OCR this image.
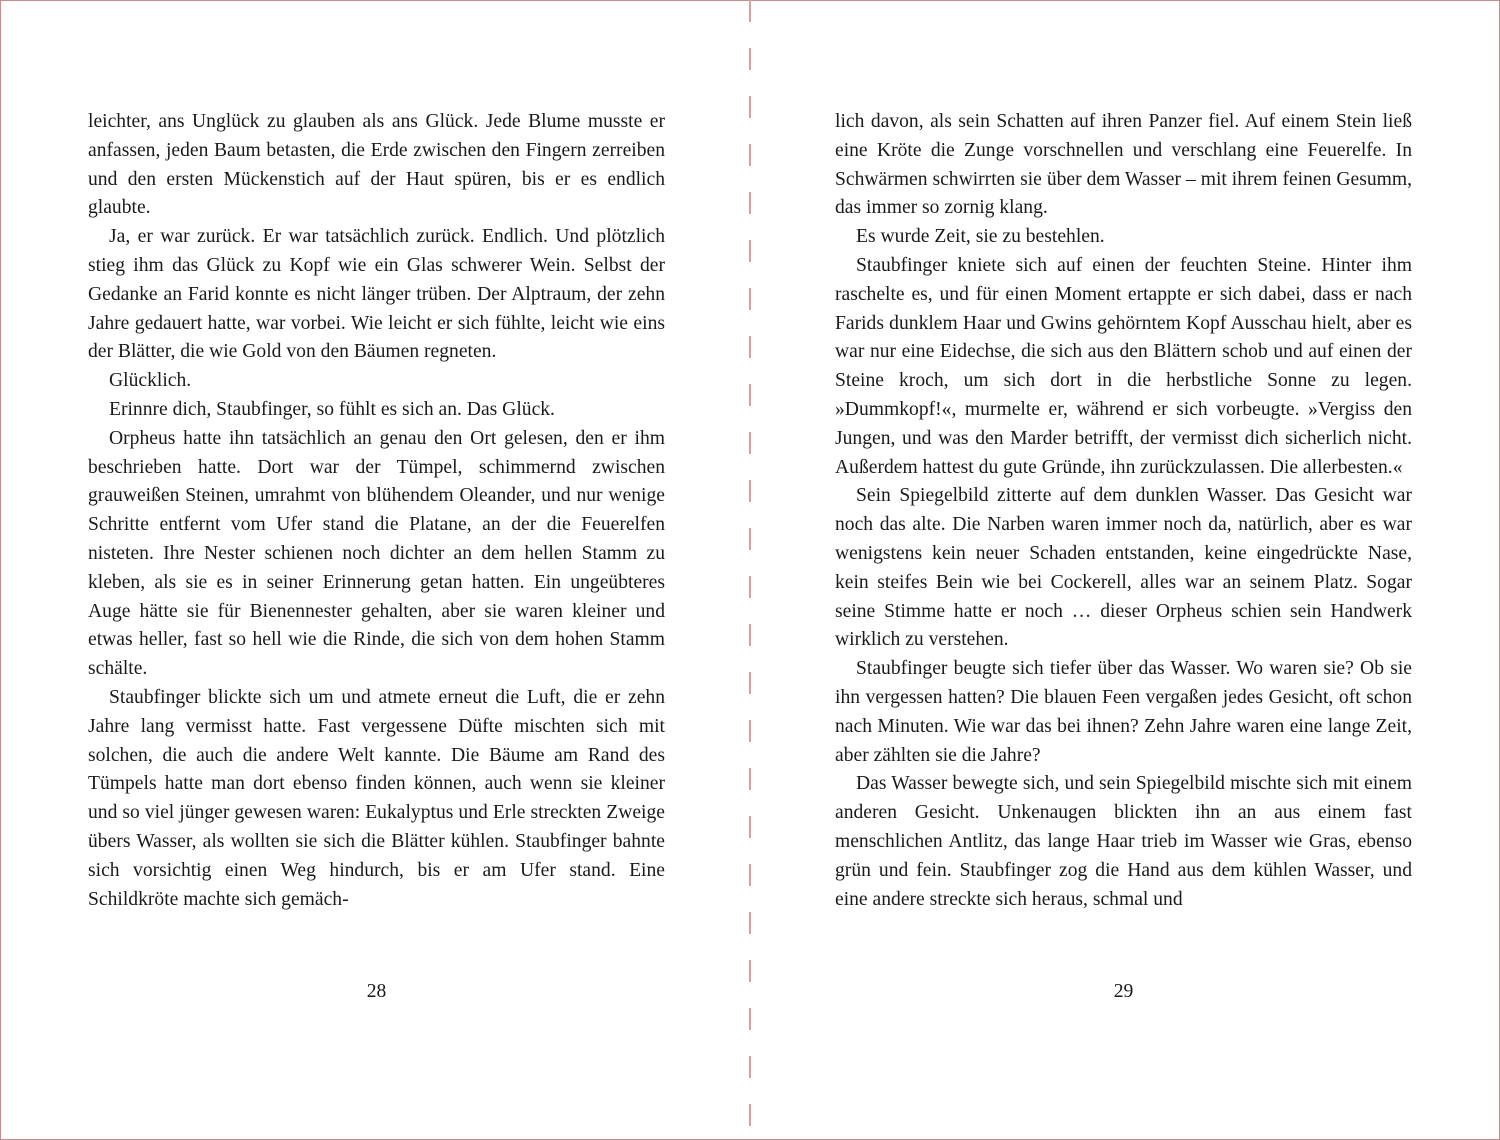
leichter, ans Unglück zu glauben als ans Glück. Jede Blume musste er anfassen, jeden Baum betasten, die Erde zwischen den Fingern zerreiben und den ersten Mückenstich auf der Haut spüren, bis er es endlich glaubte.

Ja, er war zurück. Er war tatsächlich zurück. Endlich. Und plötzlich stieg ihm das Glück zu Kopf wie ein Glas schwerer Wein. Selbst der Gedanke an Farid konnte es nicht länger trüben. Der Alptraum, der zehn Jahre gedauert hatte, war vorbei. Wie leicht er sich fühlte, leicht wie eins der Blätter, die wie Gold von den Bäumen regneten.

Glücklich.

Erinnre dich, Staubfinger, so fühlt es sich an. Das Glück.

Orpheus hatte ihn tatsächlich an genau den Ort gelesen, den er ihm beschrieben hatte. Dort war der Tümpel, schimmernd zwischen grauweißen Steinen, umrahmt von blühendem Oleander, und nur wenige Schritte entfernt vom Ufer stand die Platane, an der die Feuerelfen nisteten. Ihre Nester schienen noch dichter an dem hellen Stamm zu kleben, als sie es in seiner Erinnerung getan hatten. Ein ungeübteres Auge hätte sie für Bienennester gehalten, aber sie waren kleiner und etwas heller, fast so hell wie die Rinde, die sich von dem hohen Stamm schälte.

Staubfinger blickte sich um und atmete erneut die Luft, die er zehn Jahre lang vermisst hatte. Fast vergessene Düfte mischten sich mit solchen, die auch die andere Welt kannte. Die Bäume am Rand des Tümpels hatte man dort ebenso finden können, auch wenn sie kleiner und so viel jünger gewesen waren: Eukalyptus und Erle streckten Zweige übers Wasser, als wollten sie sich die Blätter kühlen. Staubfinger bahnte sich vorsichtig einen Weg hindurch, bis er am Ufer stand. Eine Schildkröte machte sich gemäch-

28

lich davon, als sein Schatten auf ihren Panzer fiel. Auf einem Stein ließ eine Kröte die Zunge vorschnellen und verschlang eine Feuerelfe. In Schwärmen schwirrten sie über dem Wasser – mit ihrem feinen Gesumm, das immer so zornig klang.

Es wurde Zeit, sie zu bestehlen.

Staubfinger kniete sich auf einen der feuchten Steine. Hinter ihm raschelte es, und für einen Moment ertappte er sich dabei, dass er nach Farids dunklem Haar und Gwins gehörntem Kopf Ausschau hielt, aber es war nur eine Eidechse, die sich aus den Blättern schob und auf einen der Steine kroch, um sich dort in die herbstliche Sonne zu legen. »Dummkopf!«, murmelte er, während er sich vorbeugte. »Vergiss den Jungen, und was den Marder betrifft, der vermisst dich sicherlich nicht. Außerdem hattest du gute Gründe, ihn zurückzulassen. Die allerbesten.«

Sein Spiegelbild zitterte auf dem dunklen Wasser. Das Gesicht war noch das alte. Die Narben waren immer noch da, natürlich, aber es war wenigstens kein neuer Schaden entstanden, keine eingedrückte Nase, kein steifes Bein wie bei Cockerell, alles war an seinem Platz. Sogar seine Stimme hatte er noch … dieser Orpheus schien sein Handwerk wirklich zu verstehen.

Staubfinger beugte sich tiefer über das Wasser. Wo waren sie? Ob sie ihn vergessen hatten? Die blauen Feen vergaßen jedes Gesicht, oft schon nach Minuten. Wie war das bei ihnen? Zehn Jahre waren eine lange Zeit, aber zählten sie die Jahre?

Das Wasser bewegte sich, und sein Spiegelbild mischte sich mit einem anderen Gesicht. Unkenaugen blickten ihn an aus einem fast menschlichen Antlitz, das lange Haar trieb im Wasser wie Gras, ebenso grün und fein. Staubfinger zog die Hand aus dem kühlen Wasser, und eine andere streckte sich heraus, schmal und

29
